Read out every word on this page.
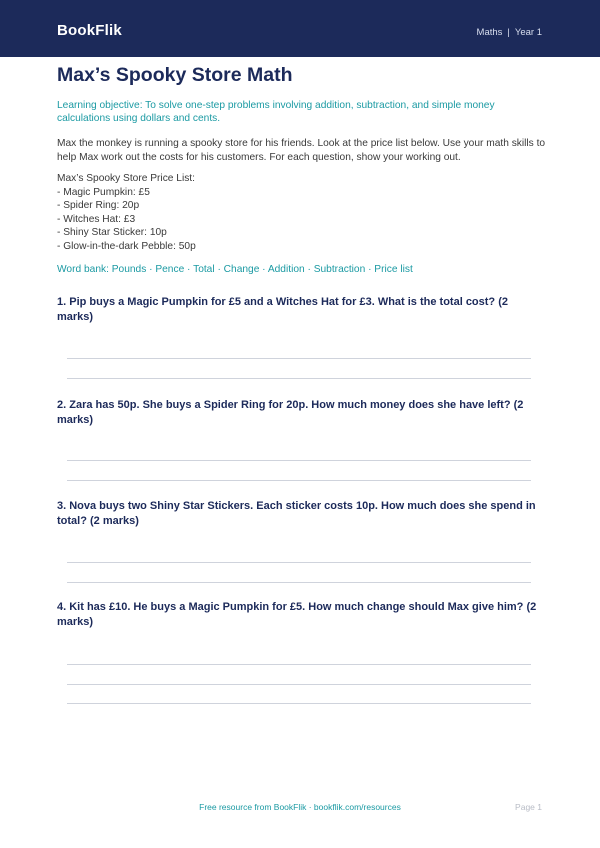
BookFlik	Maths | Year 1
Max’s Spooky Store Math
Learning objective: To solve one-step problems involving addition, subtraction, and simple money calculations using dollars and cents.
Max the monkey is running a spooky store for his friends. Look at the price list below. Use your math skills to help Max work out the costs for his customers. For each question, show your working out.
Max’s Spooky Store Price List:
- Magic Pumpkin: £5
- Spider Ring: 20p
- Witches Hat: £3
- Shiny Star Sticker: 10p
- Glow-in-the-dark Pebble: 50p
Word bank: Pounds · Pence · Total · Change · Addition · Subtraction · Price list
1. Pip buys a Magic Pumpkin for £5 and a Witches Hat for £3. What is the total cost? (2 marks)
2. Zara has 50p. She buys a Spider Ring for 20p. How much money does she have left? (2 marks)
3. Nova buys two Shiny Star Stickers. Each sticker costs 10p. How much does she spend in total? (2 marks)
4. Kit has £10. He buys a Magic Pumpkin for £5. How much change should Max give him? (2 marks)
Free resource from BookFlik · bookflik.com/resources	Page 1
